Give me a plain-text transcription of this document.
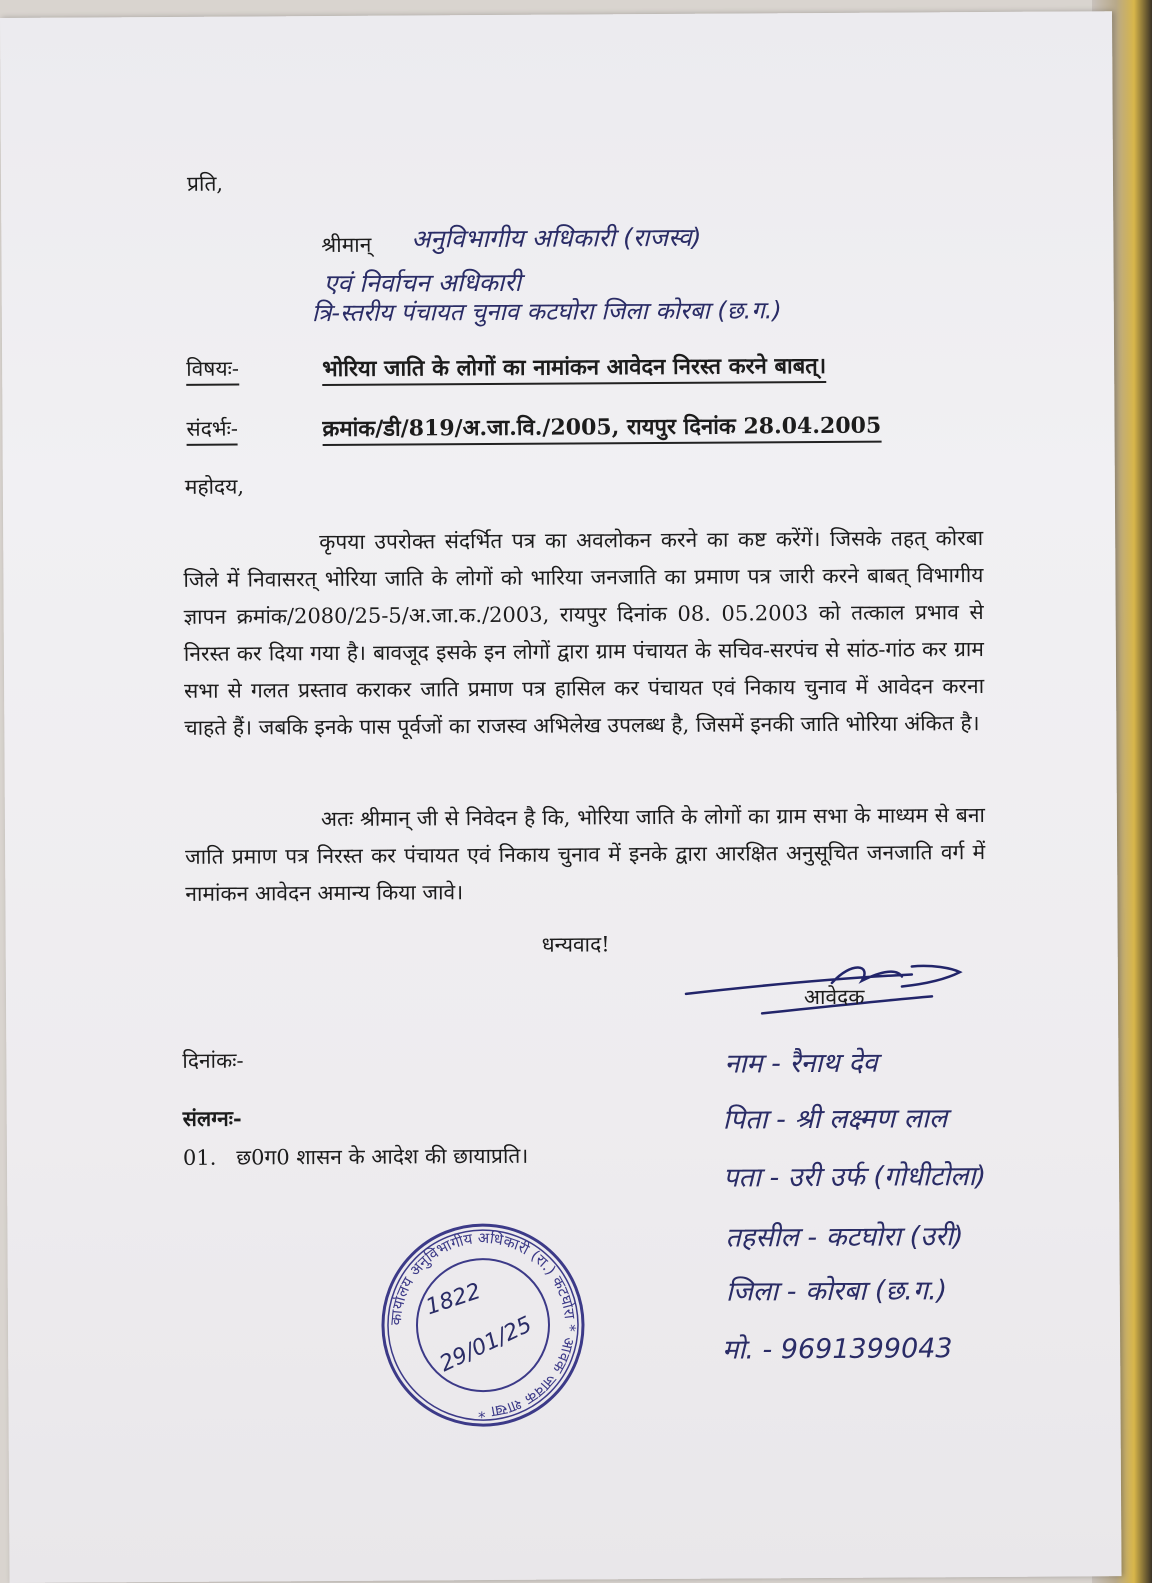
प्रति,
श्रीमान् अनुविभागीय अधिकारी (राजस्व)
एवं निर्वाचन अधिकारी
त्रि-स्तरीय पंचायत चुनाव कटघोरा जिला कोरबा (छ.ग.)
विषयः-	भोरिया जाति के लोगों का नामांकन आवेदन निरस्त करने बाबत्।
संदर्भः-	क्रमांक/डी/819/अ.जा.वि./2005, रायपुर दिनांक 28.04.2005
महोदय,
कृपया उपरोक्त संदर्भित पत्र का अवलोकन करने का कष्ट करेंगें। जिसके तहत् कोरबा जिले में निवासरत् भोरिया जाति के लोगों को भारिया जनजाति का प्रमाण पत्र जारी करने बाबत् विभागीय ज्ञापन क्रमांक/2080/25-5/अ.जा.क./2003, रायपुर दिनांक 08. 05.2003 को तत्काल प्रभाव से निरस्त कर दिया गया है। बावजूद इसके इन लोगों द्वारा ग्राम पंचायत के सचिव-सरपंच से सांठ-गांठ कर ग्राम सभा से गलत प्रस्ताव कराकर जाति प्रमाण पत्र हासिल कर पंचायत एवं निकाय चुनाव में आवेदन करना चाहते हैं। जबकि इनके पास पूर्वजों का राजस्व अभिलेख उपलब्ध है, जिसमें इनकी जाति भोरिया अंकित है।
अतः श्रीमान् जी से निवेदन है कि, भोरिया जाति के लोगों का ग्राम सभा के माध्यम से बना जाति प्रमाण पत्र निरस्त कर पंचायत एवं निकाय चुनाव में इनके द्वारा आरक्षित अनुसूचित जनजाति वर्ग में नामांकन आवेदन अमान्य किया जावे।
धन्यवाद!
आवेदक
दिनांकः-
संलग्नः-
01.   छ0ग0 शासन के आदेश की छायाप्रति।
नाम - रैनाथ देव
पिता - श्री लक्ष्मण लाल
पता - उरी उर्फ (गोधीटोला)
तहसील - कटघोरा (उरी)
जिला - कोरबा (छ.ग.)
मो. - 9691399043
कार्यालय अनुविभागीय अधिकारी (रा.) कटघोरा * आवक जावक शाखा *
1822
29/01/25
